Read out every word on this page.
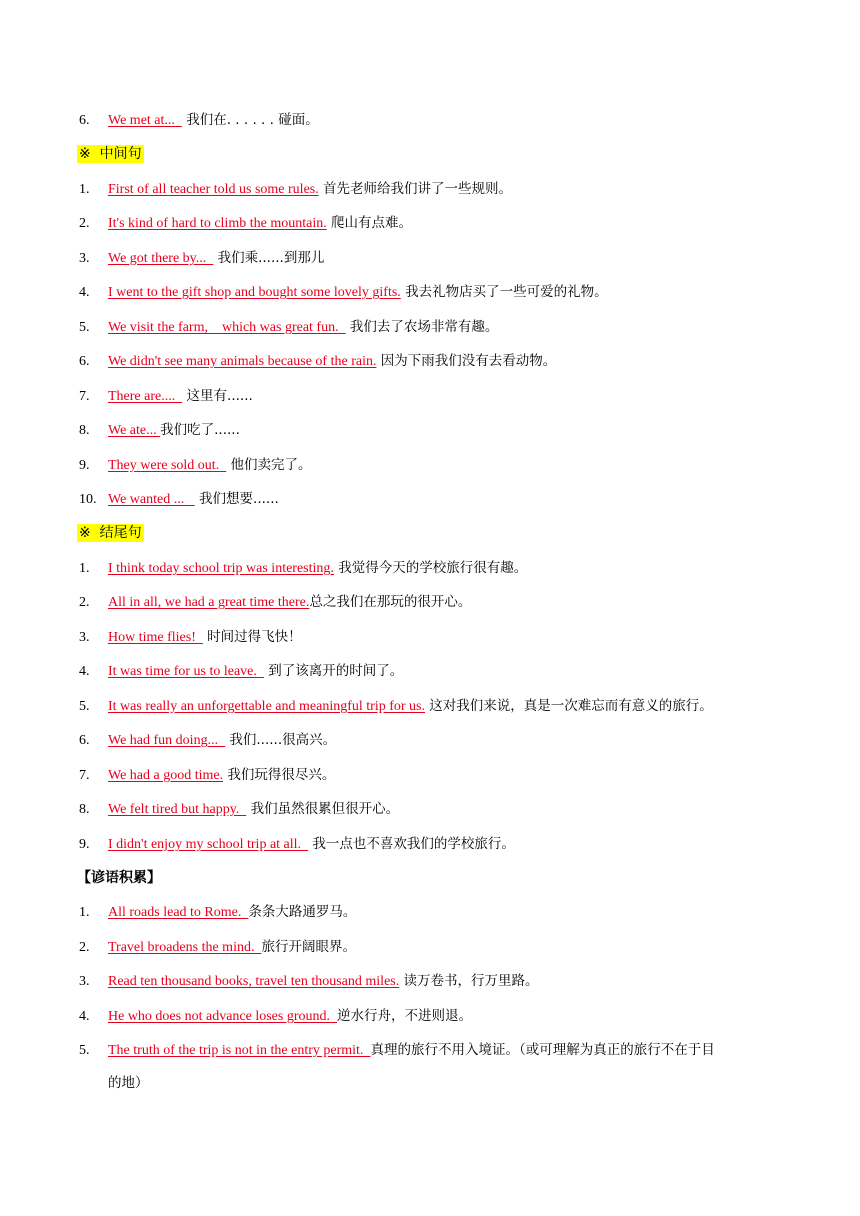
6. We met at...   我们在. . . . . . 碰面。
※ 中间句
1. First of all teacher told us some rules. 首先老师给我们讲了一些规则。
2. It's kind of hard to climb the mountain. 爬山有点难。
3. We got there by...   我们乘......到那儿
4. I went to the gift shop and bought some lovely gifts. 我去礼物店买了一些可爱的礼物。
5. We visit the farm,    which was great fun.   我们去了农场非常有趣。
6. We didn't see many animals because of the rain. 因为下雨我们没有去看动物。
7. There are....   这里有......
8. We ate... 我们吃了......
9. They were sold out.   他们卖完了。
10. We wanted ...    我们想要......
※ 结尾句
1. I think today school trip was interesting. 我觉得今天的学校旅行很有趣。
2. All in all, we had a great time there.总之我们在那玩的很开心。
3. How time flies!   时间过得飞快！
4. It was time for us to leave.   到了该离开的时间了。
5. It was really an unforgettable and meaningful trip for us. 这对我们来说，真是一次难忘而有意义的旅行。
6. We had fun doing...   我们......很高兴。
7. We had a good time. 我们玩得很尽兴。
8. We felt tired but happy.   我们虽然很累但很开心。
9. I didn't enjoy my school trip at all.   我一点也不喜欢我们的学校旅行。
【谚语积累】
1. All roads lead to Rome.  条条大路通罗马。
2. Travel broadens the mind.  旅行开阔眼界。
3. Read ten thousand books, travel ten thousand miles. 读万卷书，行万里路。
4. He who does not advance loses ground.  逆水行舟，不进则退。
5. The truth of the trip is not in the entry permit.  真理的旅行不用入境证。（或可理解为真正的旅行不在于目
的地）
